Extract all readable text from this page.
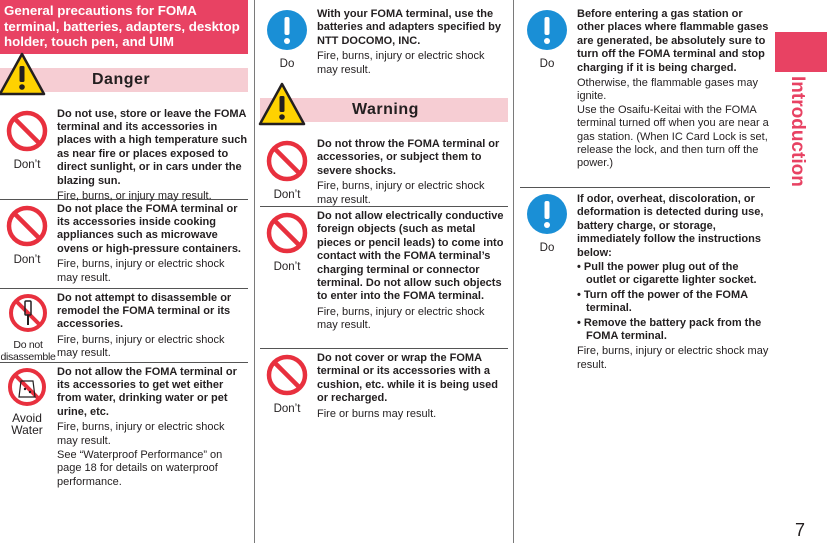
General precautions for FOMA terminal, batteries, adapters, desktop holder, touch pen, and UIM
Danger
Don’t
Do not use, store or leave the FOMA terminal and its accessories in places with a high temperature such as near fire or places exposed to direct sunlight, or in cars under the blazing sun.
Fire, burns, or injury may result.
Don’t
Do not place the FOMA terminal or its accessories inside cooking appliances such as microwave ovens or high-pressure containers.
Fire, burns, injury or electric shock may result.
Do not disassemble
Do not attempt to disassemble or remodel the FOMA terminal or its accessories.
Fire, burns, injury or electric shock may result.
Avoid Water
Do not allow the FOMA terminal or its accessories to get wet either from water, drinking water or pet urine, etc.
Fire, burns, injury or electric shock may result.
See “Waterproof Performance” on page 18 for details on waterproof performance.
Do
With your FOMA terminal, use the batteries and adapters specified by NTT DOCOMO, INC.
Fire, burns, injury or electric shock may result.
Warning
Don’t
Do not throw the FOMA terminal or accessories, or subject them to severe shocks.
Fire, burns, injury or electric shock may result.
Don’t
Do not allow electrically conductive foreign objects (such as metal pieces or pencil leads) to come into contact with the FOMA terminal’s charging terminal or connector terminal. Do not allow such objects to enter into the FOMA terminal.
Fire, burns, injury or electric shock may result.
Don’t
Do not cover or wrap the FOMA terminal or its accessories with a cushion, etc. while it is being used or recharged.
Fire or burns may result.
Do
Before entering a gas station or other places where flammable gases are generated, be absolutely sure to turn off the FOMA terminal and stop charging if it is being charged.
Otherwise, the flammable gases may ignite.
Use the Osaifu-Keitai with the FOMA terminal turned off when you are near a gas station. (When IC Card Lock is set, release the lock, and then turn off the power.)
Do
If odor, overheat, discoloration, or deformation is detected during use, battery charge, or storage, immediately follow the instructions below:
• Pull the power plug out of the outlet or cigarette lighter socket.
• Turn off the power of the FOMA terminal.
• Remove the battery pack from the FOMA terminal.
Fire, burns, injury or electric shock may result.
Introduction
7
